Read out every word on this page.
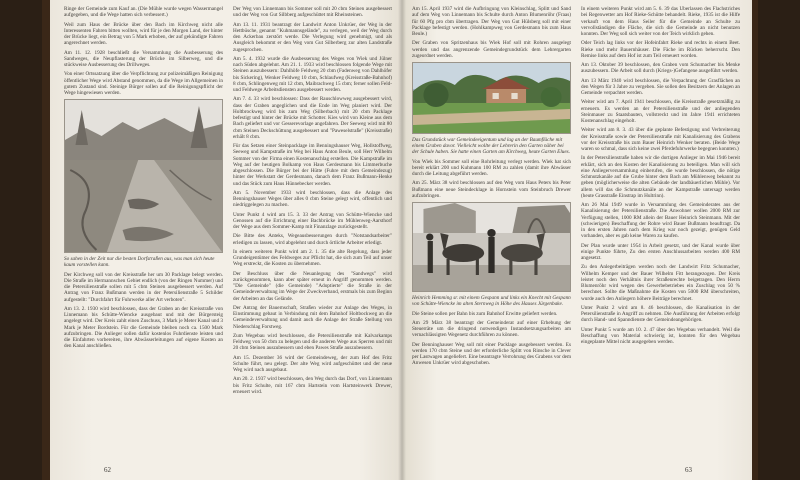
Ringe der Gemeinde zum Kauf an. (Die Mühle wurde wegen Wassermangel aufgegeben, und die Wege hatten sich verbessert.)

Weil zum Haus der Brücke über den Bach im Kirchweg nicht alle Interessenten Fahren bitten wollten, wird für je den Morgen Land, der hinter der Brücke liegt, ein Betrag von 5 Mark erhoben, der auf gekündigte Fahren angerechnet werden.

Am 11. 12. 1928 beschließt die Versammlung die Ausbesserung des Sandweges, die Neupflasterung der Brücke im Silberweg, und die stückweise Ausbesserung des Drillweges.

Von einer Ortssatzung über die Verpflichtung zur polizeimäßigen Reinigung öffentlicher Wege wird Abstand genommen, da die Wege im Allgemeinen in gutem Zustand sind. Steinige Bürger sollen auf die Reinigungspflicht der Wege hingewiesen werden.

So sahen in der Zeit nur die besten Dorfstraßen aus, was man sich heute kaum vorstellen kann.

Der Kirchweg soll von der Kreisstraße her um 30 Packlage belegt werden. Die Straße im Hermannschen Gebiet endlich (von der Ringen Nummer) und die Petersilienstraße sollen mit 5 cbm Steinen ausgebessert werden. Auf Antrag von Franz Bußmann werden in der Petersilienstraße 5 Schilder aufgestellt: "Durchfahrt für Fuhrwerke aller Art verboten".

Am 13. 2. 1930 wird beschlossen, dass der Graben an der Kreisstraße von Linnemann bis Schütte-Wiencke ausgebaut und mit der Bürgersteig angelegt wird. Der Kreis zahlt einen Zuschuss, 3 Mark je Meter Kanal und 3 Mark je Meter Bordstein. Für die Gemeinde bleiben noch ca. 1500 Mark aufzubringen. Die Anlieger sollen dafür kostenlos Fuhrdienste leisten und die Einfahrten vorbereiten, ihre Abwässerleitungen auf eigene Kosten an den Kanal anschließen.

Der Weg von Linnemann bis Sommer soll mit 20 cbm Steinen ausgebessert und der Weg von Gut Silbberg aufgeschüttet mit Rheinsteinen.

Am 13. 11. 1931 beantragt der Landwirt Anton Unkrüer, der Weg in der Hettbüsche, genannt "Kuhmannsgelände", zu verlegen, weil der Weg durch den Ackerbau zerstört werde. Die Verlegung wird genehmigt, und als Ausgleich bekommt er den Weg vom Gut Silberberg zur alten Landstraße zugesprochen.

Am 5. 4. 1932 wurde die Ausbesserung des Weges von Wiek und Jülner nach Süden abgelehnt. Am 21. 1. 1933 wird beschlossen folgende Wege mit Steinen auszubessern: Dahlhöfe Feldweg 20 cbm (Fadenweg von Dahlhöfer bis Sickering), Wenker Feldweg 10 cbm, Schlaufweg (Kreisstraße-Bahnhof) 8 cbm, Schlingenweg mit 12 cbm, Maibrachweg 15 cbm; ferner sollen Feld- und Feldwege Arbeitsdiensten ausgebessert werden.

Am 7. 4. 33 wird beschlossen: Dass der Rauschlowweg ausgebessert wird, dass der Graben angeglichen und die Ende im Weg planiert wird. Der Holtbrockweg wird bis zum Weg (Silberbach) mit 20 cbm Packlage befestigt und hinter der Brücke mit Schotter. Kies wird von Kleine aus dem Bach geliefert und vor Gesserevorlage angefahren. Der Seeweg wird mit 80 cbm Steinen Deckschüttung ausgebessert und "Paweselstraße" (Kreisstraße) erhält 8 cbm.

Für das Setzen einer Steinpacklage im Benningshauser Weg, Hollstoffweg, Seeweg und Kampstraße im Weg bei Haus Anton Beule, soll Herr Wilhelm Sommer von der Firma einen Kostenanschlag erstellen. Die Kampstraße im Weg auf der heutigen Bolkamp von Haus Gerdesmann bis Limmerbuche abgeschlossen. Die Bürger bei der Hütte (Fuhre mit dem Gemeindezug) hinter der Werkstatt der Gerdesmann, danach dem Franz Bußmann-Henke und das Stück zum Haus Hünnebecker werden.

Am 5. November 1933 wird beschlossen, dass die Anlage des Benningshauser Weges über alles 0 cbm Steine gelegt wird, offentlich und niedriggelegen zu machen.

Unter Punkt 4 wird am 15. 3. 33 der Antrag von Schütte-Wiencke und Genossen auf die Errichtung einer Bachbrücke im Mühlenweg-Aarsthorf der Wege aus dem Sommer-Kamp mit Finanzlage zurückgestellt.

Die Bitte des Anteks, Wegeausbesserungen durch "Notstandsarbeiter" erledigen zu lassen, wird abgelehnt und durch örtliche Arbeiter erledigt.

In einem weiteren Punkt wird am 2. 1. 35 die alte Regelung, dass jeder Grundeigentümer des Feldweges zur Pflicht hat, die sich zum Teil auf unser Weg erstreckt, die Kosten zu übernehmen.

Der Beschluss über die Neuanlegung des "Sandwegs" wird zurückgenommen, kann aber später erneut in Angriff genommen werden. "Die Gemeinde" (die Gemeinde) "Adoptierte" die Straße in der Gemeindeverwaltung im Wege der Zweckverband, erstmals bis zum Beginn der Arbeiten an das Gelände.

Der Antrag der Bauernschaft, Straßen wieder zur Anlage des Weges, in Einstimmung gebaut in Verbindung mit dem Bahnhof Holtbockweg an die Gemeindeverwaltung und damit auch die Anlage der Straße Stellung von Niederschlag Forstweg.

Zum Wegebau wird beschlossen, die Petersilienstraße mit Kalvarkamps Feldweg von 50 cbm zu belegen und die anderen Wege aus Sperren und mit 20 cbm Steinen auszubessern und eben Pawes Straße auszubessern.

Am 15. Dezember 36 wird der Gemeindeweg, der zum Hof des Fritz Schulte führt, neu gelegt. Der alte Weg wird aufgeschüttet und der neue Weg wird nach ausgebaut.

Am 20. 2. 1937 wird beschlossen, den Weg durch das Dorf, von Linnemann bis Fritz Schulte, mit 167 cbm Hartstein vom Hartsteinwerk Drewer, erneuert wird.

62

Am 15. April 1937 wird die Aufbringung von Kleinschlag, Splitt und Sand auf dem Weg von Linnemann bis Schulte durch Anton Blumenröhr (Fraas) für 60 Pfg pro cbm übertragen. Der Weg von Gut Hülsberg soll mit einer Packlage befestigt werden. (Hohlkampweg von Gerdesmann bis zum Haus Beule.)

Der Graben von Spritzenhaus bis Wiek Hof soll mit Rohren ausgelegt werden und das angrenzende Gemeindegrundstück dem Lehrergarten zugeordnet werden.

Das Grundstück war Gemeindeeigentum und lag an der Baumfläche mit einem Graben davor. Vielleicht wollte der Lehrerin den Garten näher bei der Schule haben. Sie hatte einen Garten am Kirchweg, heute Garten Elues.

Von Wiek bis Sommer soll eine Rohrleitung verlegt werden. Wiek hat sich bereit erklärt 200 und Kuhmann 100 RM zu zahlen (damit ihre Abwässer durch die Leitung abgeführt werden.

Am 25. März 38 wird beschlossen auf den Weg vom Haus Peters bis Peter Bußmann eine neue Steindecklage in Hornstein vom Steinbruch Drewer aufzubringen.

Heinrich Hemming sr. mit einem Gespann und links ein Knecht mit Gespann von Schütte-Wiencke im alten Sternweg in Höhe des Hauses Jürgenbake.

Die Steine sollen per Bahn bis zum Bahnhof Erwitte geliefert werden.

Am 29 März 38 beantragt der Gemeinderat auf einer Erhebung der Steuerräte um die dringend notwendigen Instandsetzungsarbeiten am vernachlässigten Wegenetz durchführen zu können.

Der Benninghauser Weg soll mit einer Packlage ausgebessert werden. Es werden 170 cbm Steine und der erforderliche Splitt von Rinsche in Clever per Lastwagen angeliefert. Eine beantragte Verrohrung des Grabens vor dem Anwesen Unkrüer wird abgeschoben.

In einem weiteren Punkt wird am 5. 6. 39 das Überlassen des Flachstriches bei Regenwetter am Hof Rieke-Schütte behandelt. Rieke, 1935 ist die Hilfe verkauft von dem Haus Seiler für die Gemeinde an Schulte zu vervollständigen die Fläche, die sich die Gemeinde an nicht benutzen konnten. Der Weg soll sich weiter von der Teich wirklich gehen.

Oder Teich lag links vor der Hofeinfahrt Rieke und rechts in einem Beet. Rieke und mehr Bauernhäuser. Die Fäche im Rücken beherrscht. Den Remise links auf dem Hof ist zum Teil erneuert worden.

Am 13. Oktober 39 beschlossen, den Graben vom Schumacher bis Menke auszubessern. Die Arbeit soll durch (Kriegs-)Gefangene ausgeführt werden.

Am 13 März 1940 wird beschlossen, die Verpachtung der Grasflächen an den Wegen für 3 Jahre zu vergeben. Sie sollen den Besitzern der Anlagen an Gemeinde verpachtet werden.

Weiter wird am 7. April 1941 beschlossen, die Kreisstraße gesetzmäßig zu erneuern. Es werden an der Petersilienstraße und der anliegenden Steinmauer zu Staatsbauten, vollstreckt und im Jahre 1941 errichteten Kostenanschlag eingeholt.

Weiter wird am 8. 3. 43 über die geplante Befestigung und Verbreiterung der Kreisstraße sowie der Petersilienstraße mit Kanalisierung des Grabens vor der Kreisstraße bis zum Bauer Heinrich Wenker beraten. (Beide Wege waren so schmal, dass sich keine zwei Pferdefuhrwerke begegnen konnten.)

In der Petersilienstraße haben wir die dortigen Anlieger im Mai 1946 bereit erklärt, sich an den Kosten der Kanalisierung zu beteiligen. Man will sich eine Anliegerversammlung einberufen, die wurde beschlossen, die nötige Schmutzkanäle auf die Grube hinter dem Bach am Mühlenweg bekannt zu geben (möglicherweise die alten Gebäude der landbäuerlichen Mühle). Vor allem will das die Schmutzkanäle an der Kampstraße untersagt werden (heute Grasstraße Einstrap im Hultrinn).

Am 26 Mai 1949 wurde in Versammlung des Gemeinderates aus der Kanalisierung der Petersilienstraße. Die Anwohner wollen 2000 RM zur Verfügung stellen, 1000 RM allein der Bauer Heinrich Steinmann. Mit der (schwierigen) Beschaffung der Rohre wird Bauer Bußmann beauftragt. Da in den ersten Jahren nach dem Krieg war noch gezeigt, genügen Geld vorhanden, aber es gab keine Waren zu kaufen.

Der Plan wurde unter 1954 in Arbeit gesetzt, und der Kanal wurde über einige Punkte führte, Zu den ersten Anschlussarbeiten werden 400 RM angesetzt.

Zu den Anlegerbeiträgen werden noch der Landwirt Fritz Schumacher, Wilhelm Kemper und der Bauer Wilhelm Fitt herangezogen. Der Kreis leistet noch den Verhältnis ihrer Straßenrechte beigetragen. Den Herrn Blumenröhr wird wegen des Gewerbebetriebes ein Zuschlag von 50 % berechnet. Sollte die Maßnahme die Kosten von 5000 RM überschreiten, wurde auch den Anliegern höhere Beiträge berechnet.

Unter Punkt 2 wird am 8. 46 beschlossen, die Kanalisation in der Petersilienstraße in Angriff zu nehmen. Die Ausführung der Arbeiten erfolgt durch Hand- und Spanndienste der Gemeindeangehörigen.

Unter Punkt 5 wurde am 10. 2. 47 über den Wegebau verhandelt. Weil die Beschaffung von Material schwierig ist, konnten für den Wegebau eingeplante Mittel nicht ausgegeben werden.

63
